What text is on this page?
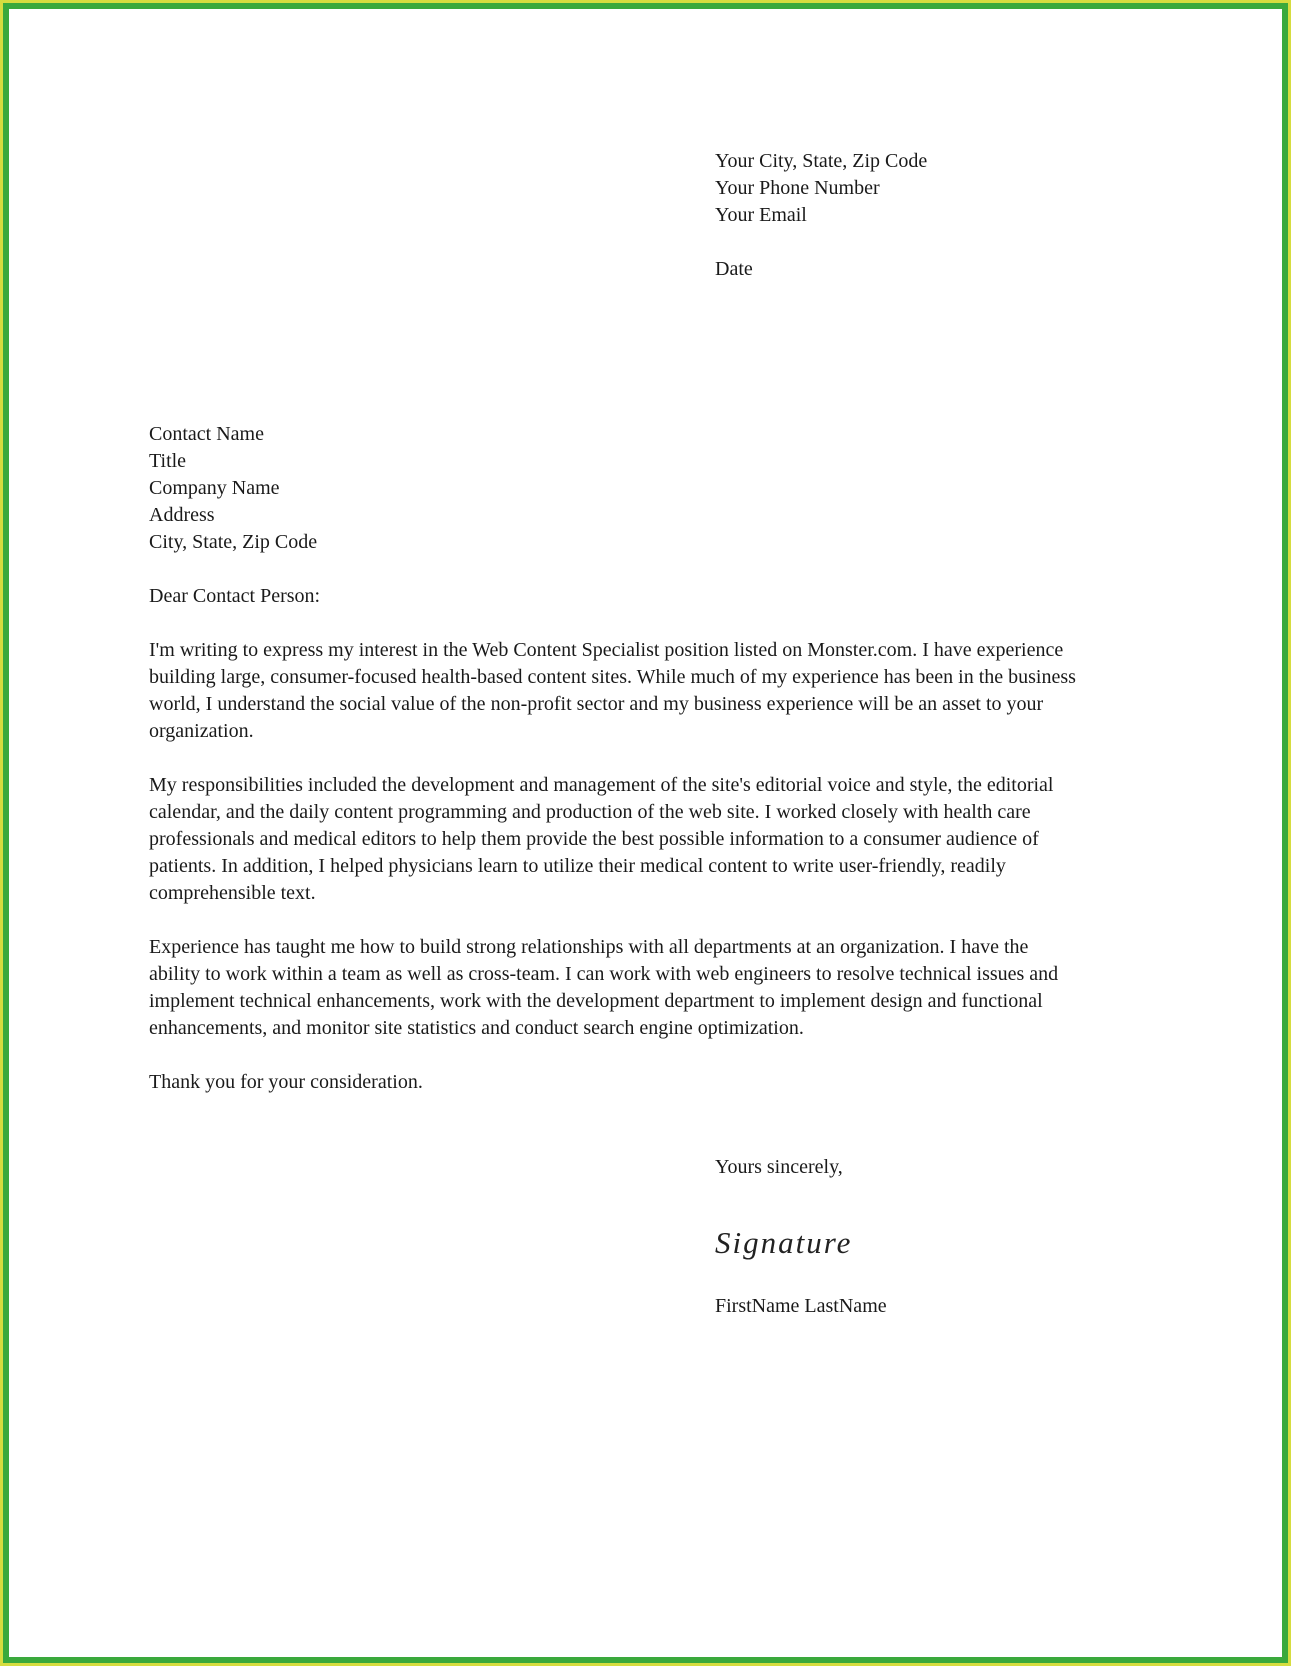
Your City, State, Zip Code
Your Phone Number
Your Email
Date
Contact Name
Title
Company Name
Address
City, State, Zip Code

Dear Contact Person:

I'm writing to express my interest in the Web Content Specialist position listed on Monster.com. I have experience building large, consumer-focused health-based content sites. While much of my experience has been in the business world, I understand the social value of the non-profit sector and my business experience will be an asset to your organization.

My responsibilities included the development and management of the site's editorial voice and style, the editorial calendar, and the daily content programming and production of the web site. I worked closely with health care professionals and medical editors to help them provide the best possible information to a consumer audience of patients. In addition, I helped physicians learn to utilize their medical content to write user-friendly, readily comprehensible text.

Experience has taught me how to build strong relationships with all departments at an organization. I have the ability to work within a team as well as cross-team. I can work with web engineers to resolve technical issues and implement technical enhancements, work with the development department to implement design and functional enhancements, and monitor site statistics and conduct search engine optimization.

Thank you for your consideration.

Yours sincerely,
Signature
FirstName LastName
